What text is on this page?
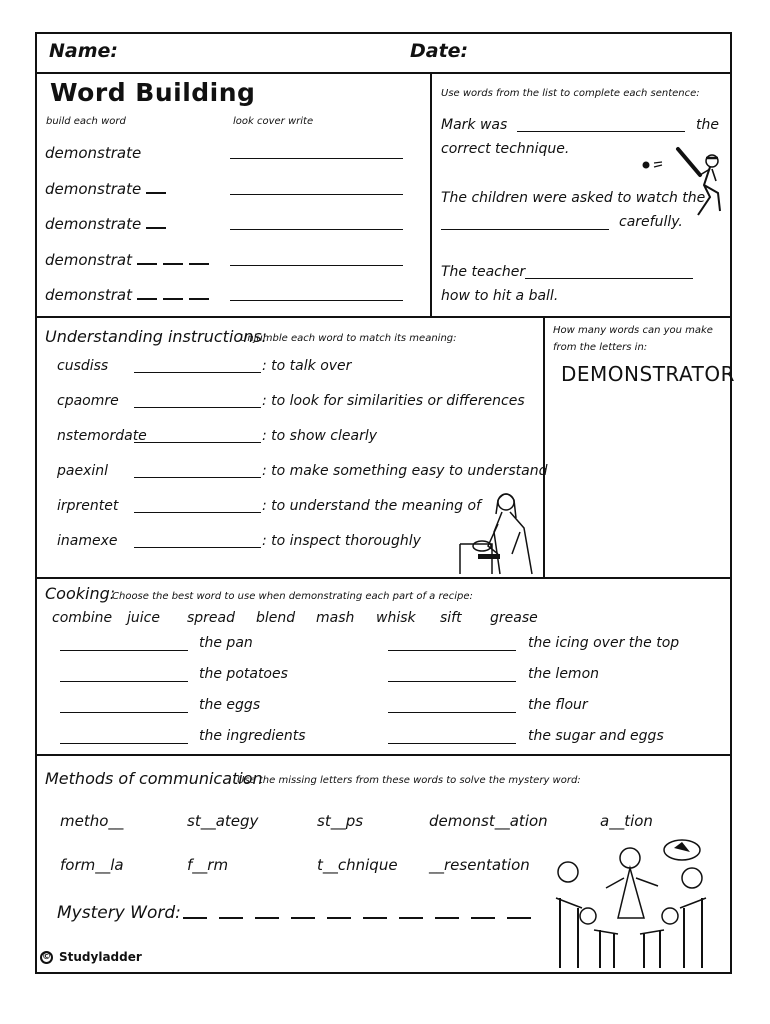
Name:	Date:
Word Building
build each word	look cover write
demonstrate
demonstrate
demonstrate
demonstrat
demonstrat
Use words from the list to complete each sentence:
Mark was	the
correct technique.
The children were asked to watch the
carefully.
The teacher
how to hit a ball.
Understanding instructions:
Unjumble each word to match its meaning:
cusdiss	: to talk over
cpaomre	: to look for similarities or differences
nstemordate	: to show clearly
paexinl	: to make something easy to understand
irprentet	: to understand the meaning of
inamexe	: to inspect thoroughly
How many words can you make from the letters in:
DEMONSTRATOR
Cooking:
Choose the best word to use when demonstrating each part of a recipe:
combine juice spread blend mash whisk sift grease
the pan
the potatoes
the eggs
the ingredients
the icing over the top
the lemon
the flour
the sugar and eggs
Methods of communication
Use the missing letters from these words to solve the mystery word:
metho__	st__ategy	st__ps	demonst__ation	a__tion
form__la	f__rm	t__chnique __resentation
Mystery Word:
© Studyladder
